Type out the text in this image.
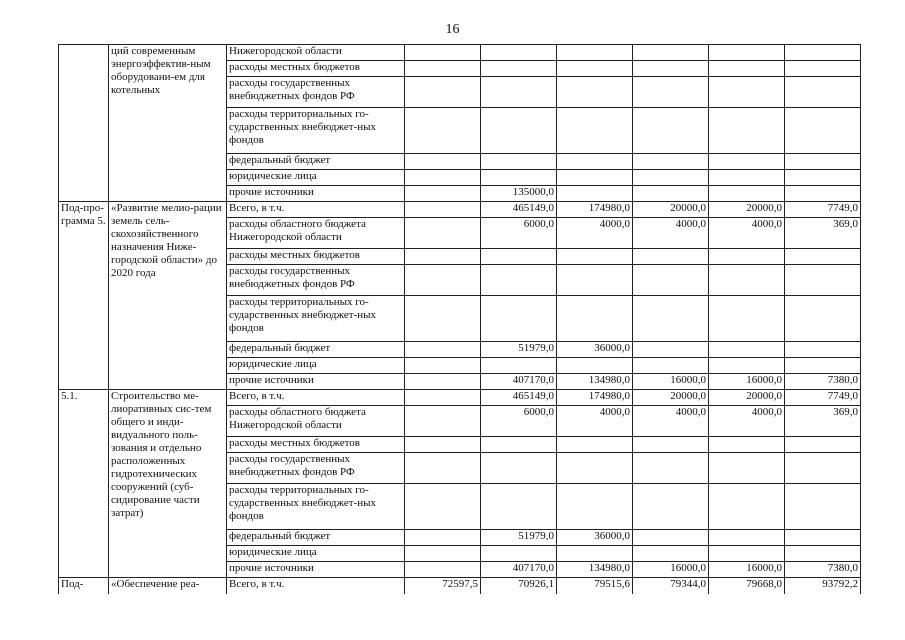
16
	ций современным энергоэффектив-ным оборудовани-ем для котельных	Нижегородской области						
		расходы местных бюджетов						
		расходы государственных внебюджетных фондов РФ						
		расходы территориальных го-сударственных внебюджет-ных фондов						
		федеральный бюджет						
		юридические лица						
		прочие источники		135000,0				
Под-про-грамма 5.	«Развитие мелио-рации земель сель-скохозяйственного назначения Ниже-городской области» до 2020 года	Всего, в т.ч.		465149,0	174980,0	20000,0	20000,0	7749,0
		расходы областного бюджета Нижегородской области		6000,0	4000,0	4000,0	4000,0	369,0
		расходы местных бюджетов						
		расходы государственных внебюджетных фондов РФ						
		расходы территориальных го-сударственных внебюджет-ных фондов						
		федеральный бюджет		51979,0	36000,0			
		юридические лица						
		прочие источники		407170,0	134980,0	16000,0	16000,0	7380,0
5.1.	Строительство ме-лиоративных сис-тем общего и инди-видуального поль-зования и отдельно расположенных гидротехнических сооружений (суб-сидирование части затрат)	Всего, в т.ч.		465149,0	174980,0	20000,0	20000,0	7749,0
		расходы областного бюджета Нижегородской области		6000,0	4000,0	4000,0	4000,0	369,0
		расходы местных бюджетов						
		расходы государственных внебюджетных фондов РФ						
		расходы территориальных го-сударственных внебюджет-ных фондов						
		федеральный бюджет		51979,0	36000,0			
		юридические лица						
		прочие источники		407170,0	134980,0	16000,0	16000,0	7380,0
Под-	«Обеспечение реа-	Всего, в т.ч.	72597,5	70926,1	79515,6	79344,0	79668,0	93792,2
